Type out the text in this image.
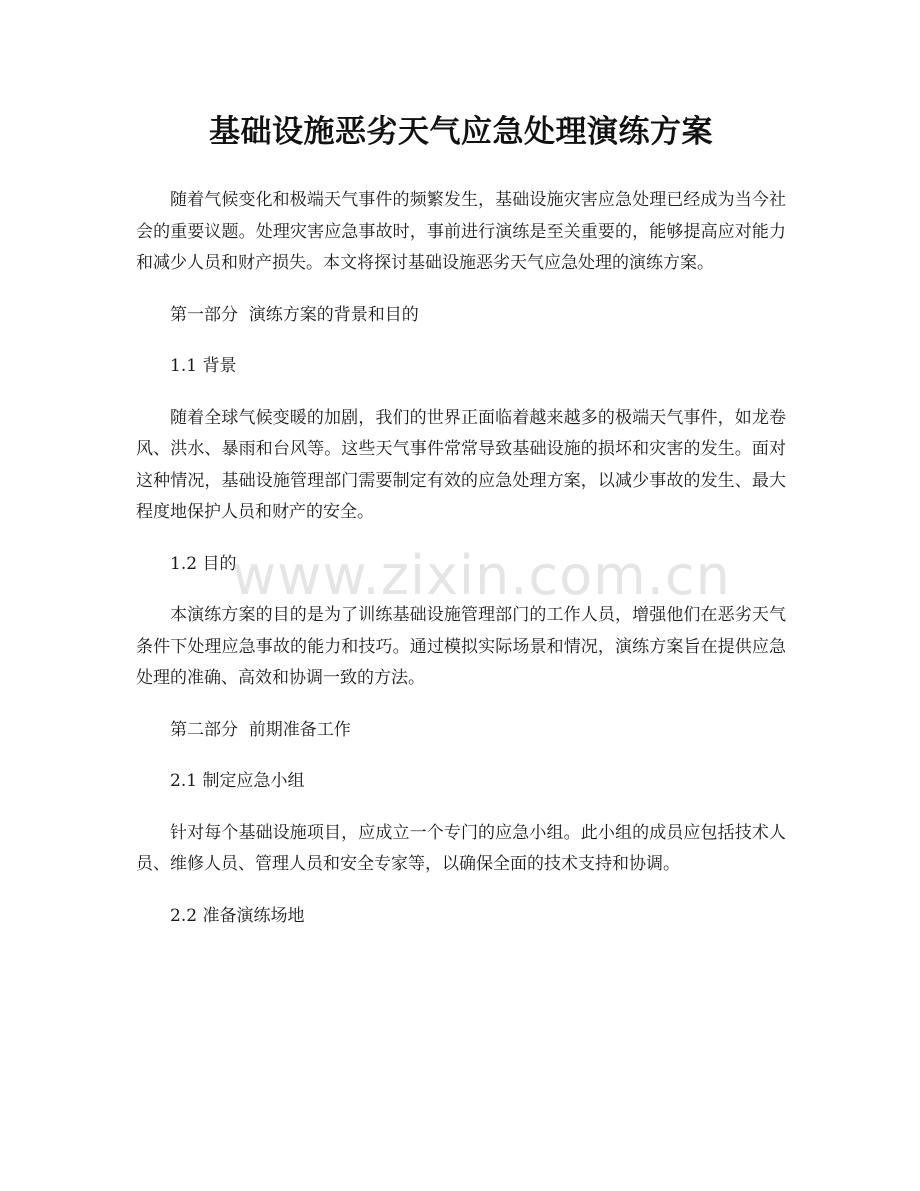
基础设施恶劣天气应急处理演练方案

随着气候变化和极端天气事件的频繁发生，基础设施灾害应急处理已经成为当今社会的重要议题。处理灾害应急事故时，事前进行演练是至关重要的，能够提高应对能力和减少人员和财产损失。本文将探讨基础设施恶劣天气应急处理的演练方案。

第一部分  演练方案的背景和目的

1.1 背景

随着全球气候变暖的加剧，我们的世界正面临着越来越多的极端天气事件，如龙卷风、洪水、暴雨和台风等。这些天气事件常常导致基础设施的损坏和灾害的发生。面对这种情况，基础设施管理部门需要制定有效的应急处理方案，以减少事故的发生、最大程度地保护人员和财产的安全。

1.2 目的

本演练方案的目的是为了训练基础设施管理部门的工作人员，增强他们在恶劣天气条件下处理应急事故的能力和技巧。通过模拟实际场景和情况，演练方案旨在提供应急处理的准确、高效和协调一致的方法。

第二部分  前期准备工作

2.1 制定应急小组

针对每个基础设施项目，应成立一个专门的应急小组。此小组的成员应包括技术人员、维修人员、管理人员和安全专家等，以确保全面的技术支持和协调。

2.2 准备演练场地

www.zixin.com.cn
